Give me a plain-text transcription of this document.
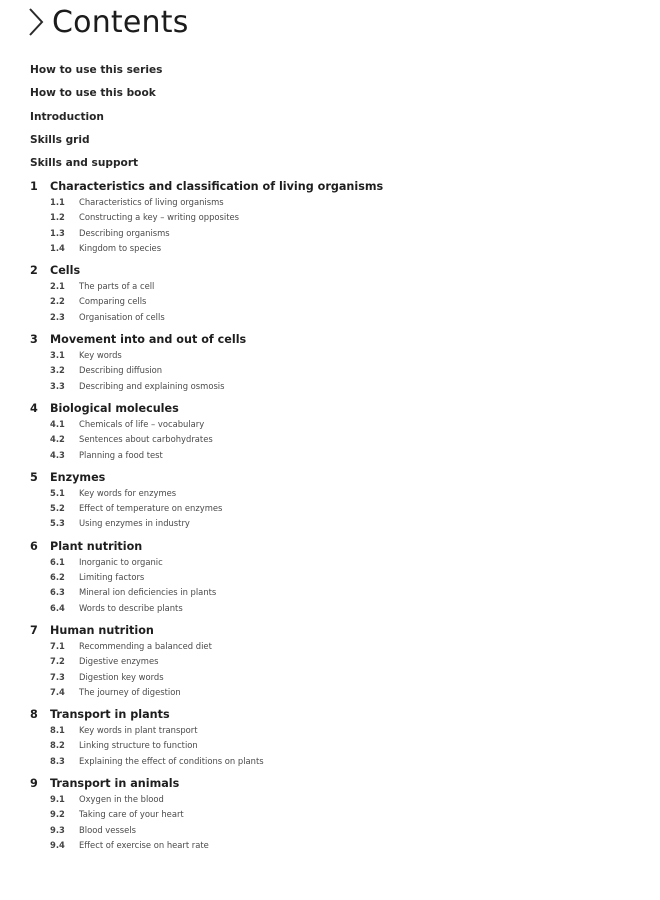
Contents
How to use this series
How to use this book
Introduction
Skills grid
Skills and support
1	Characteristics and classification of living organisms
1.1	Characteristics of living organisms
1.2	Constructing a key – writing opposites
1.3	Describing organisms
1.4	Kingdom to species
2	Cells
2.1	The parts of a cell
2.2	Comparing cells
2.3	Organisation of cells
3	Movement into and out of cells
3.1	Key words
3.2	Describing diffusion
3.3	Describing and explaining osmosis
4	Biological molecules
4.1	Chemicals of life – vocabulary
4.2	Sentences about carbohydrates
4.3	Planning a food test
5	Enzymes
5.1	Key words for enzymes
5.2	Effect of temperature on enzymes
5.3	Using enzymes in industry
6	Plant nutrition
6.1	Inorganic to organic
6.2	Limiting factors
6.3	Mineral ion deficiencies in plants
6.4	Words to describe plants
7	Human nutrition
7.1	Recommending a balanced diet
7.2	Digestive enzymes
7.3	Digestion key words
7.4	The journey of digestion
8	Transport in plants
8.1	Key words in plant transport
8.2	Linking structure to function
8.3	Explaining the effect of conditions on plants
9	Transport in animals
9.1	Oxygen in the blood
9.2	Taking care of your heart
9.3	Blood vessels
9.4	Effect of exercise on heart rate
